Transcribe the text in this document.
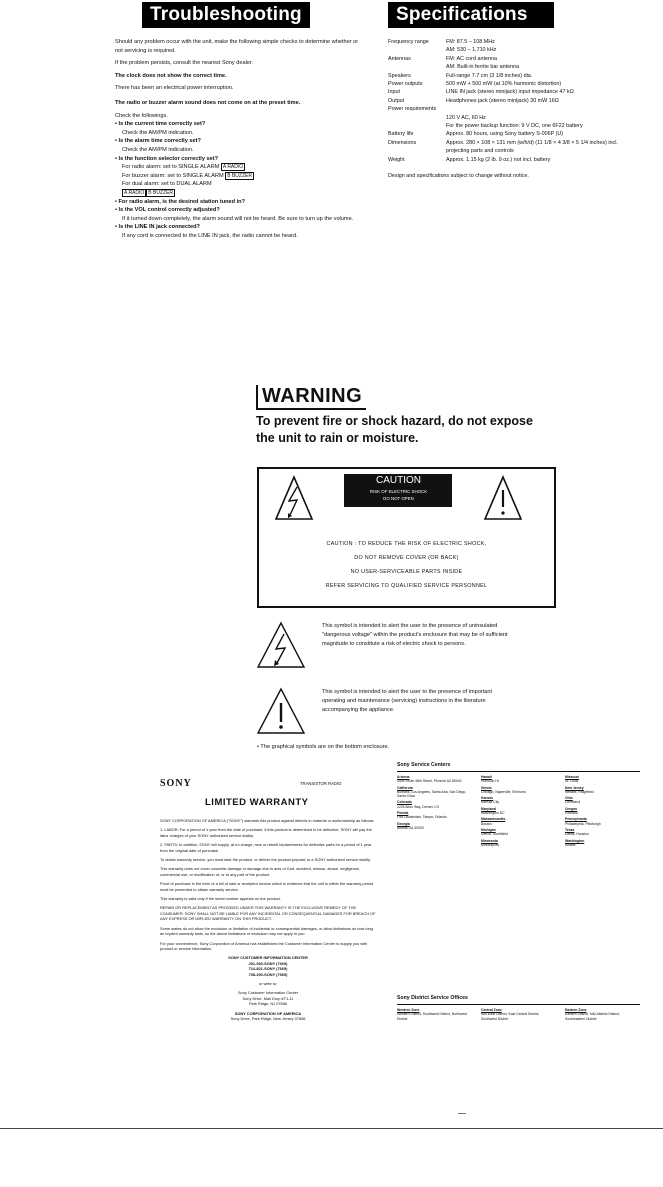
Troubleshooting

Should any problem occur with the unit, make the following simple checks to determine whether or not servicing is required.

If the problem persists, consult the nearest Sony dealer.

The clock does not show the correct time.

There has been an electrical power interruption.

The radio or buzzer alarm sound does not come on at the preset time.

Check the followings.
• Is the current time correctly set?
Check the AM/PM indication.
• Is the alarm time correctly set?
Check the AM/PM indication.
• Is the function selector correctly set?
For radio alarm: set to SINGLE ALARM A RADIO
For buzzer alarm: set to SINGLE ALARM B BUZZER
For dual alarm: set to DUAL ALARM
A RADIO B BUZZER
• For radio alarm, is the desired station tuned in?
• Is the VOL control correctly adjusted?
If it turned down completely, the alarm sound will not be heard. Be sure to turn up the volume.
• Is the LINE IN jack connected?
If any cord is connected to the LINE IN jack, the radio cannot be heard.
Specifications
Frequency range	FM: 87.5 – 108 MHz
	AM: 530 – 1,710 kHz
Antennas	FM: AC cord antenna
	AM: Built-in ferrite bar antenna
Speakers	Full-range 7.7 cm (3 1/8 inches) dia.
Power outputs	500 mW + 500 mW (at 10% harmonic distortion)
Input	LINE IN jack (stereo minijack) input impedance 47 kΩ
Output	Headphones jack (stereo minijack) 30 mW 16Ω
Power requirements	
	120 V AC, 60 Hz
	For the power backup function: 9 V DC, one 6F22 battery
Battery life	Approx. 80 hours, using Sony battery S-006P (U)
Dimensions	Approx. 280 × 108 × 131 mm (w/h/d) (11 1/8 × 4 3/8 × 5 1/4 inches) incl. projecting parts and controls
Weight	Approx. 1.15 kg (2 lb. 9 oz.) not incl. battery
Design and specifications subject to change without notice.
WARNING
To prevent fire or shock hazard, do not expose the unit to rain or moisture.
CAUTION
RISK OF ELECTRIC SHOCK
DO NOT OPEN
CAUTION : TO REDUCE THE RISK OF ELECTRIC SHOCK,
DO NOT REMOVE COVER (OR BACK)
NO USER-SERVICEABLE PARTS INSIDE
REFER SERVICING TO QUALIFIED SERVICE PERSONNEL
This symbol is intended to alert the user to the presence of uninsulated "dangerous voltage" within the product's enclosure that may be of sufficient magnitude to constitute a risk of electric shock to persons.
This symbol is intended to alert the user to the presence of important operating and maintenance (servicing) instructions in the literature accompanying the appliance.
• The graphical symbols are on the bottom enclosure.
SONY	TRANSISTOR RADIO
LIMITED WARRANTY

SONY CORPORATION OF AMERICA ("SONY") warrants this product against defects in material or workmanship as follows:

1. LABOR: For a period of 1 year from the date of purchase, if this product is determined to be defective, SONY will pay the labor charges of your SONY authorized service facility.

2. PARTS: In addition, SONY will supply, at no charge, new or rebuilt replacements for defective parts for a period of 1 year from the original date of purchase.

To obtain warranty service, you must take the product, or deliver the product prepaid, to a SONY authorized service facility.

This warranty does not cover cosmetic damage or damage due to acts of God, accident, misuse, abuse, negligence, commercial use, or modification of, or to any part of the product.

Proof of purchase in the form of a bill of sale or receipted invoice which is evidence that the unit is within the warranty period must be presented to obtain warranty service.

This warranty is valid only if the serial number appears on the product.

REPAIR OR REPLACEMENT AS PROVIDED UNDER THIS WARRANTY IS THE EXCLUSIVE REMEDY OF THE CONSUMER. SONY SHALL NOT BE LIABLE FOR ANY INCIDENTAL OR CONSEQUENTIAL DAMAGES FOR BREACH OF ANY EXPRESS OR IMPLIED WARRANTY ON THIS PRODUCT.

Some states do not allow the exclusion or limitation of incidental or consequential damages, or allow limitations on how long an implied warranty lasts, so the above limitations or exclusion may not apply to you.

For your convenience, Sony Corporation of America has established the Customer Information Center to supply you with product or service information.

SONY CUSTOMER INFORMATION CENTER
201-930-SONY (7669)
714-821-SONY (7669)
708-250-SONY (7669)
or write to:
Sony Customer Information Center
Sony Drive, Mail Drop #T1-11
Park Ridge, NJ 07656
SONY CORPORATION OF AMERICA
Sony Drive, Park Ridge, New Jersey 07656
Sony Service Centers
Arizona
3405 South 48th Street, Phoenix AZ 85040
California
Burbank, Los Angeles, Santa Ana, San Diego, Santa Clara
Colorado
1225 Alton Way, Denver CO
Florida
Fort Lauderdale, Tampa, Orlando
Georgia
Atlanta GA 30339
Hawaii
Honolulu HI
Illinois
Chicago, Naperville, Elmhurst
Kansas
Kansas City
Maryland
Washington DC
Massachusetts
Boston
Michigan
Detroit, Southfield
Minnesota
Minneapolis
Missouri
St. Louis
New Jersey
Newark, Ridgefield
Ohio
Cleveland
Oregon
Portland
Pennsylvania
Philadelphia, Pittsburgh
Texas
Dallas, Houston
Washington
Seattle
Sony District Service Offices
Western Zone
Western District, Southwest District, Northwest District
Central Zone
Mid-West District, East Central District, Southwest District
Eastern Zone
Eastern District, Mid-Atlantic District, Southeastern District
